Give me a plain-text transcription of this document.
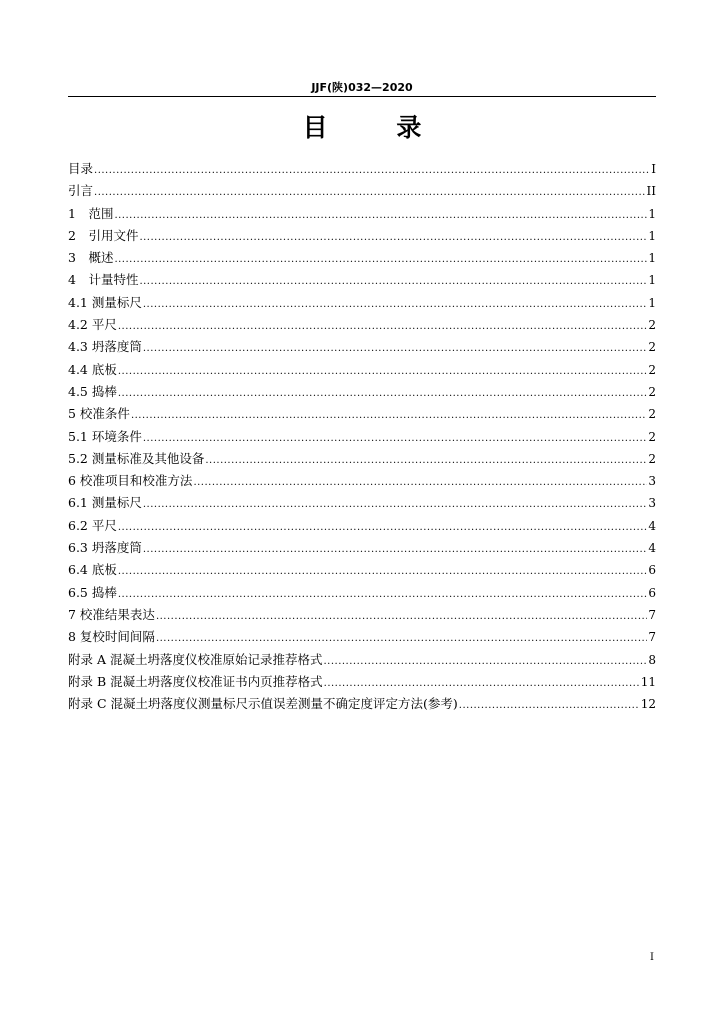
JJF(陕)032—2020
目 录
目录 .....	I
引言 .....	II
1　范围 .....	1
2　引用文件 .....	1
3　概述 .....	1
4　计量特性 .....	1
4.1 测量标尺 .....	1
4.2 平尺 .....	2
4.3 坍落度筒 .....	2
4.4 底板 .....	2
4.5 捣棒 .....	2
5 校准条件 .....	2
5.1 环境条件 .....	2
5.2 测量标准及其他设备 .....	2
6 校准项目和校准方法 .....	3
6.1 测量标尺 .....	3
6.2 平尺 .....	4
6.3 坍落度筒 .....	4
6.4 底板 .....	6
6.5 捣棒 .....	6
7 校准结果表达 .....	7
8 复校时间间隔 .....	7
附录 A 混凝土坍落度仪校准原始记录推荐格式 .....	8
附录 B 混凝土坍落度仪校准证书内页推荐格式 .....	11
附录 C 混凝土坍落度仪测量标尺示值误差测量不确定度评定方法(参考) .....	12
I
